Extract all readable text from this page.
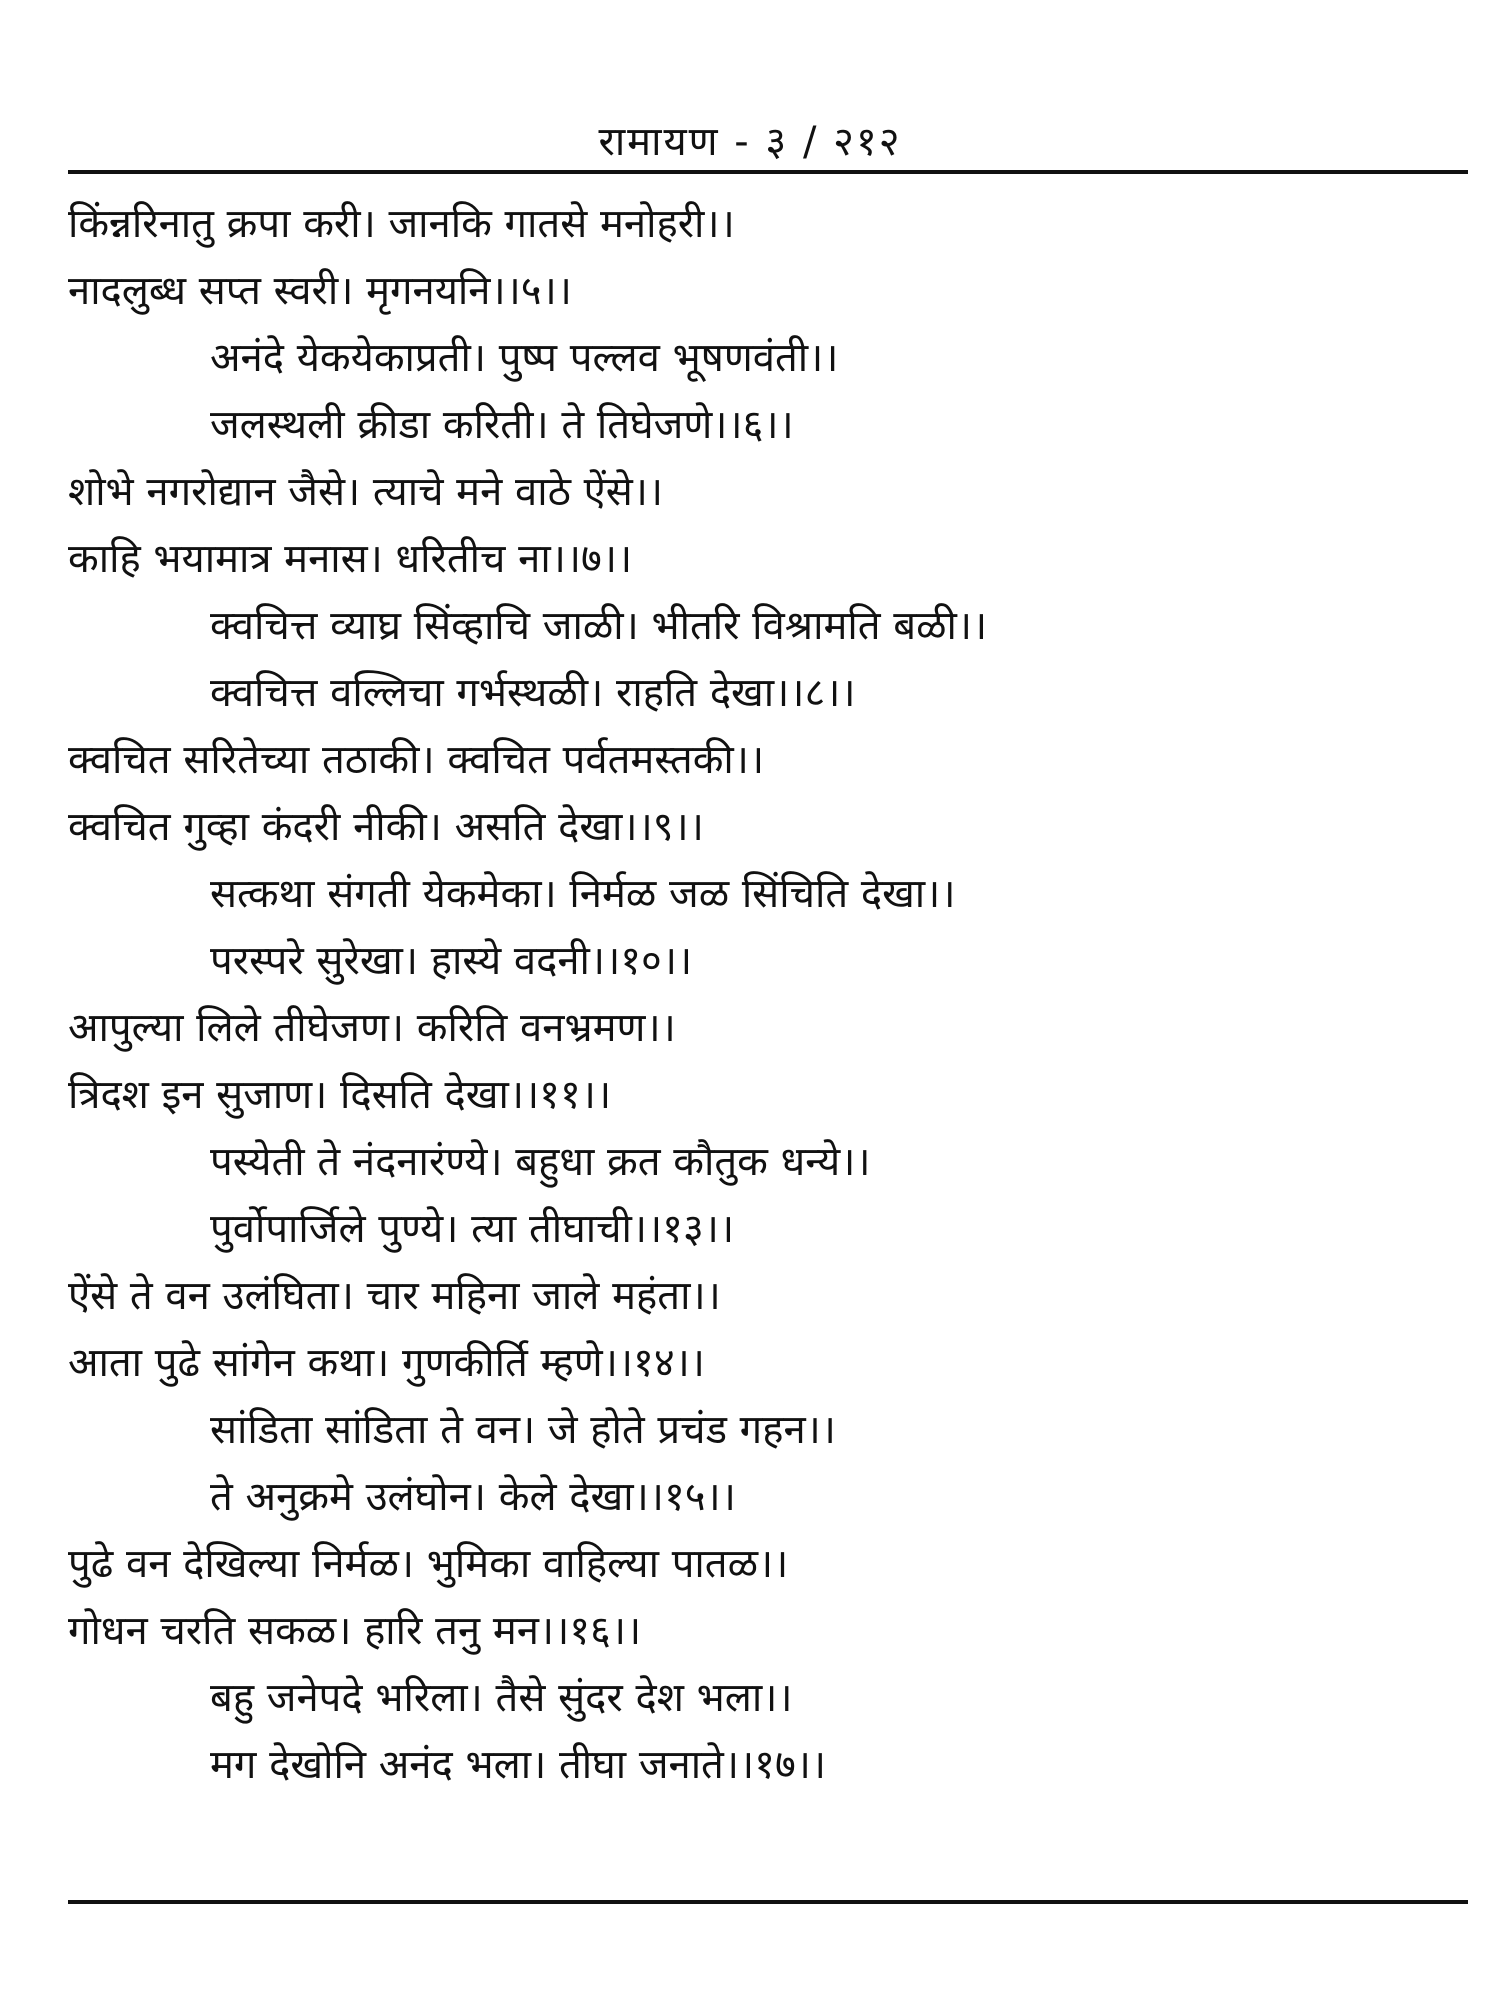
रामायण - ३ / २१२
किंन्नरिनातु क्रपा करी। जानकि गातसे मनोहरी।।
नादलुब्ध सप्त स्वरी। मृगनयनि।।५।।
अनंदे येकयेकाप्रती। पुष्प पल्लव भूषणवंती।।
जलस्थली क्रीडा करिती। ते तिघेजणे।।६।।
शोभे नगरोद्यान जैसे। त्याचे मने वाठे ऐंसे।।
काहि भयामात्र मनास। धरितीच ना।।७।।
क्वचित्त व्याघ्र सिंव्हाचि जाळी। भीतरि विश्रामति बळी।।
क्वचित्त वल्लिचा गर्भस्थळी। राहति देखा।।८।।
क्वचित सरितेच्या तठाकी। क्वचित पर्वतमस्तकी।।
क्वचित गुव्हा कंदरी नीकी। असति देखा।।९।।
सत्कथा संगती येकमेका। निर्मळ जळ सिंचिति देखा।।
परस्परे सुरेखा। हास्ये वदनी।।१०।।
आपुल्या लिले तीघेजण। करिति वनभ्रमण।।
त्रिदश इन सुजाण। दिसति देखा।।११।।
पस्येती ते नंदनारंण्ये। बहुधा क्रत कौतुक धन्ये।।
पुर्वोपार्जिले पुण्ये। त्या तीघाची।।१३।।
ऐंसे ते वन उलंघिता। चार महिना जाले महंता।।
आता पुढे सांगेन कथा। गुणकीर्ति म्हणे।।१४।।
सांडिता सांडिता ते वन। जे होते प्रचंड गहन।।
ते अनुक्रमे उलंघोन। केले देखा।।१५।।
पुढे वन देखिल्या निर्मळ। भुमिका वाहिल्या पातळ।।
गोधन चरति सकळ। हारि तनु मन।।१६।।
बहु जनेपदे भरिला। तैसे सुंदर देश भला।।
मग देखोनि अनंद भला। तीघा जनाते।।१७।।
